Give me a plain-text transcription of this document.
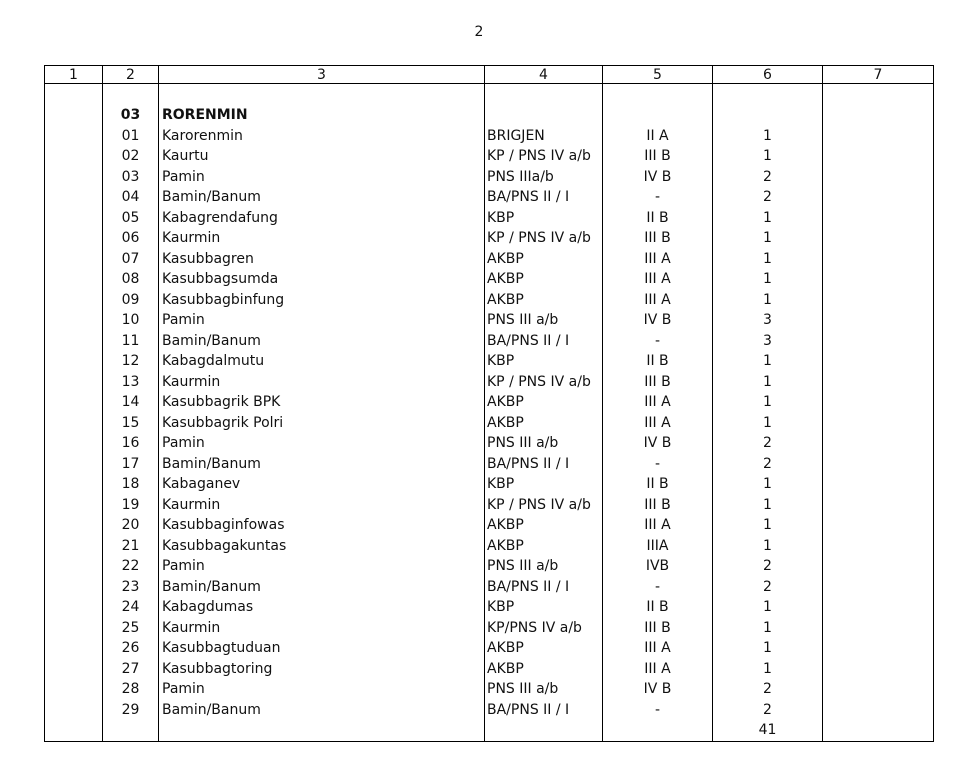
2
1	2	3	4	5	6	7

	03	RORENMIN				
	01	Karorenmin	BRIGJEN	II A	1	
	02	Kaurtu	KP / PNS IV a/b	III B	1	
	03	Pamin	PNS IIIa/b	IV B	2	
	04	Bamin/Banum	BA/PNS II / I	-	2	
	05	Kabagrendafung	KBP	II B	1	
	06	Kaurmin	KP / PNS IV a/b	III B	1	
	07	Kasubbagren	AKBP	III A	1	
	08	Kasubbagsumda	AKBP	III A	1	
	09	Kasubbagbinfung	AKBP	III A	1	
	10	Pamin	PNS III a/b	IV B	3	
	11	Bamin/Banum	BA/PNS II / I	-	3	
	12	Kabagdalmutu	KBP	II B	1	
	13	Kaurmin	KP / PNS IV a/b	III B	1	
	14	Kasubbagrik BPK	AKBP	III A	1	
	15	Kasubbagrik Polri	AKBP	III A	1	
	16	Pamin	PNS III a/b	IV B	2	
	17	Bamin/Banum	BA/PNS II / I	-	2	
	18	Kabaganev	KBP	II B	1	
	19	Kaurmin	KP / PNS IV a/b	III B	1	
	20	Kasubbaginfowas	AKBP	III A	1	
	21	Kasubbagakuntas	AKBP	IIIA	1	
	22	Pamin	PNS III a/b	IVB	2	
	23	Bamin/Banum	BA/PNS II / I	-	2	
	24	Kabagdumas	KBP	II B	1	
	25	Kaurmin	KP/PNS IV a/b	III B	1	
	26	Kasubbagtuduan	AKBP	III A	1	
	27	Kasubbagtoring	AKBP	III A	1	
	28	Pamin	PNS III a/b	IV B	2	
	29	Bamin/Banum	BA/PNS II / I	-	2	
					41	
